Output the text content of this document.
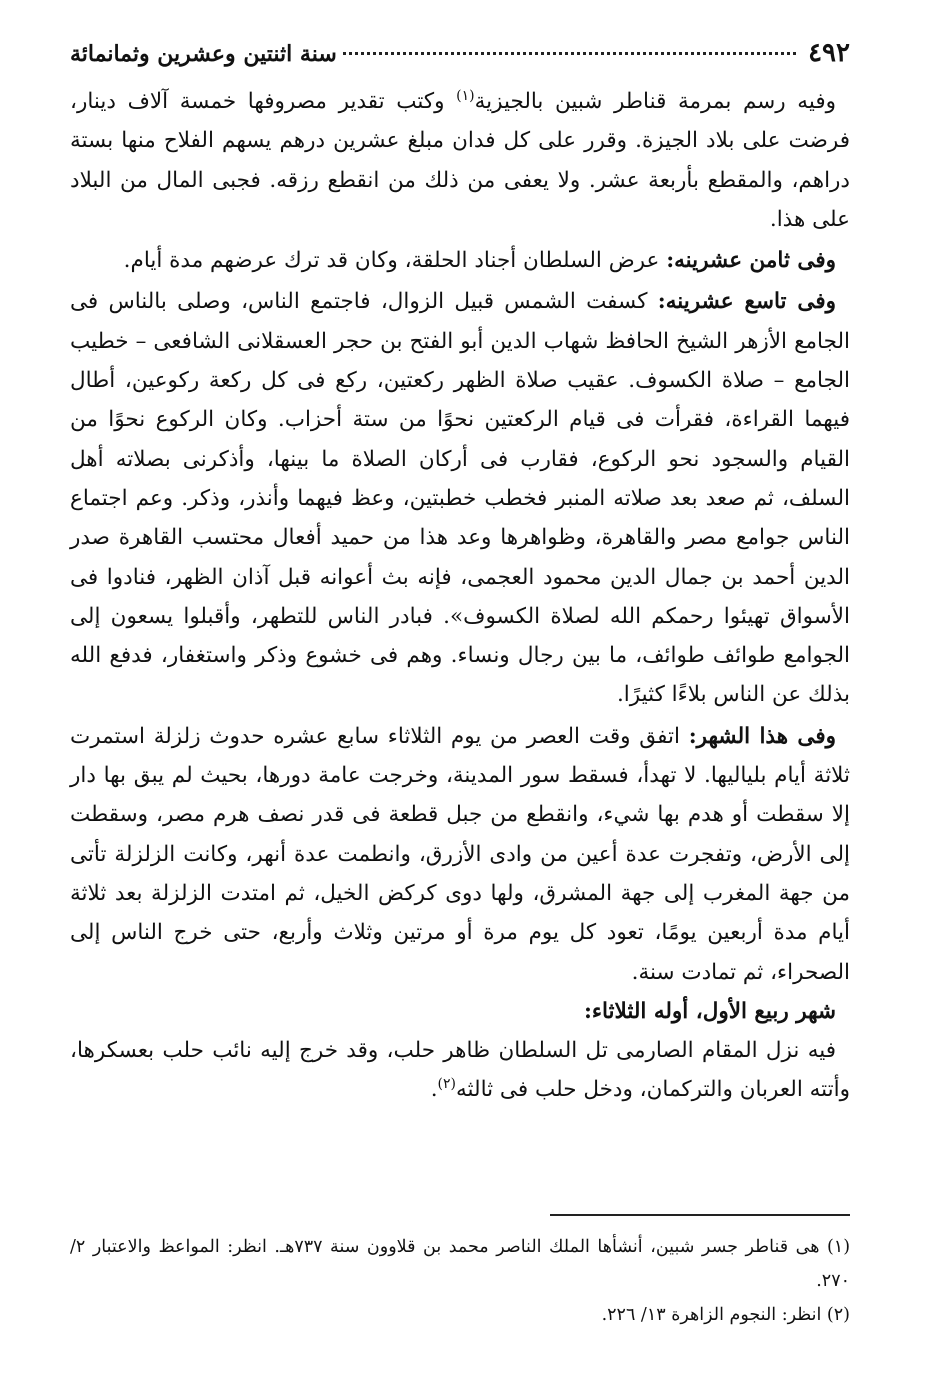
٤٩٢
سنة اثنتين وعشرين وثمانمائة

وفيه رسم بمرمة قناطر شبين بالجيزية$^{(١)}$ وكتب تقدير مصروفها خمسة آلاف دينار، فرضت على بلاد الجيزة. وقرر على كل فدان مبلغ عشرين درهم يسهم الفلاح منها بستة دراهم، والمقطع بأربعة عشر. ولا يعفى من ذلك من انقطع رزقه. فجبى المال من البلاد على هذا.

وفى ثامن عشرينه: عرض السلطان أجناد الحلقة، وكان قد ترك عرضهم مدة أيام.

وفى تاسع عشرينه: كسفت الشمس قبيل الزوال، فاجتمع الناس، وصلى بالناس فى الجامع الأزهر الشيخ الحافظ شهاب الدين أبو الفتح بن حجر العسقلانى الشافعى – خطيب الجامع – صلاة الكسوف. عقيب صلاة الظهر ركعتين، ركع فى كل ركعة ركوعين، أطال فيهما القراءة، فقرأت فى قيام الركعتين نحوًا من ستة أحزاب. وكان الركوع نحوًا من القيام والسجود نحو الركوع، فقارب فى أركان الصلاة ما بينها، وأذكرنى بصلاته أهل السلف، ثم صعد بعد صلاته المنبر فخطب خطبتين، وعظ فيهما وأنذر، وذكر. وعم اجتماع الناس جوامع مصر والقاهرة، وظواهرها وعد هذا من حميد أفعال محتسب القاهرة صدر الدين أحمد بن جمال الدين محمود العجمى، فإنه بث أعوانه قبل آذان الظهر، فنادوا فى الأسواق تهيئوا رحمكم الله لصلاة الكسوف». فبادر الناس للتطهر، وأقبلوا يسعون إلى الجوامع طوائف طوائف، ما بين رجال ونساء. وهم فى خشوع وذكر واستغفار، فدفع الله بذلك عن الناس بلاءًا كثيرًا.

وفى هذا الشهر: اتفق وقت العصر من يوم الثلاثاء سابع عشره حدوث زلزلة استمرت ثلاثة أيام بلياليها. لا تهدأ، فسقط سور المدينة، وخرجت عامة دورها، بحيث لم يبق بها دار إلا سقطت أو هدم بها شيء، وانقطع من جبل قطعة فى قدر نصف هرم مصر، وسقطت إلى الأرض، وتفجرت عدة أعين من وادى الأزرق، وانطمت عدة أنهر، وكانت الزلزلة تأتى من جهة المغرب إلى جهة المشرق، ولها دوى كركض الخيل، ثم امتدت الزلزلة بعد ثلاثة أيام مدة أربعين يومًا، تعود كل يوم مرة أو مرتين وثلاث وأربع، حتى خرج الناس إلى الصحراء، ثم تمادت سنة.

شهر ربيع الأول، أوله الثلاثاء:

فيه نزل المقام الصارمى تل السلطان ظاهر حلب، وقد خرج إليه نائب حلب بعسكرها، وأتته العربان والتركمان، ودخل حلب فى ثالثه$^{(٢)}$.

(١) هى قناطر جسر شبين، أنشأها الملك الناصر محمد بن قلاوون سنة ٧٣٧هـ. انظر: المواعظ والاعتبار ٢/ ٢٧٠.

(٢) انظر: النجوم الزاهرة ١٣/ ٢٢٦.
